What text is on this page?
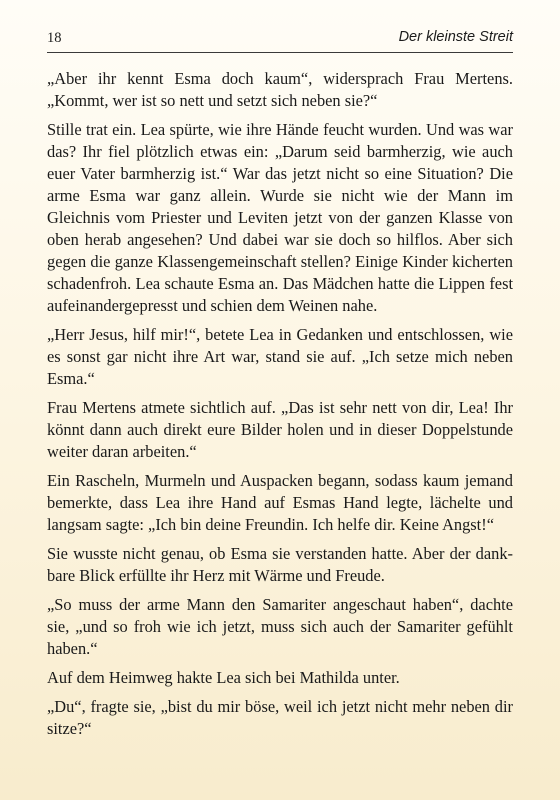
18	Der kleinste Streit

„Aber ihr kennt Esma doch kaum“, widersprach Frau Mertens. „Kommt, wer ist so nett und setzt sich neben sie?“

Stille trat ein. Lea spürte, wie ihre Hände feucht wurden. Und was war das? Ihr fiel plötzlich etwas ein: „Darum seid barmherzig, wie auch euer Vater barmherzig ist.“ War das jetzt nicht so eine Situation? Die arme Esma war ganz allein. Wurde sie nicht wie der Mann im Gleichnis vom Priester und Leviten jetzt von der ganzen Klasse von oben herab angesehen? Und dabei war sie doch so hilflos. Aber sich gegen die ganze Klassengemeinschaft stellen? Einige Kinder kicherten schadenfroh. Lea schaute Esma an. Das Mädchen hatte die Lippen fest aufeinandergepresst und schien dem Weinen nahe.

„Herr Jesus, hilf mir!“, betete Lea in Gedanken und entschlossen, wie es sonst gar nicht ihre Art war, stand sie auf. „Ich setze mich neben Esma.“

Frau Mertens atmete sichtlich auf. „Das ist sehr nett von dir, Lea! Ihr könnt dann auch direkt eure Bilder holen und in dieser Doppelstunde weiter daran arbeiten.“

Ein Rascheln, Murmeln und Auspacken begann, sodass kaum jemand bemerkte, dass Lea ihre Hand auf Esmas Hand legte, lächelte und langsam sagte: „Ich bin deine Freundin. Ich helfe dir. Keine Angst!“

Sie wusste nicht genau, ob Esma sie verstanden hatte. Aber der dankbare Blick erfüllte ihr Herz mit Wärme und Freude.

„So muss der arme Mann den Samariter angeschaut haben“, dachte sie, „und so froh wie ich jetzt, muss sich auch der Samariter gefühlt haben.“

Auf dem Heimweg hakte Lea sich bei Mathilda unter.

„Du“, fragte sie, „bist du mir böse, weil ich jetzt nicht mehr neben dir sitze?“
